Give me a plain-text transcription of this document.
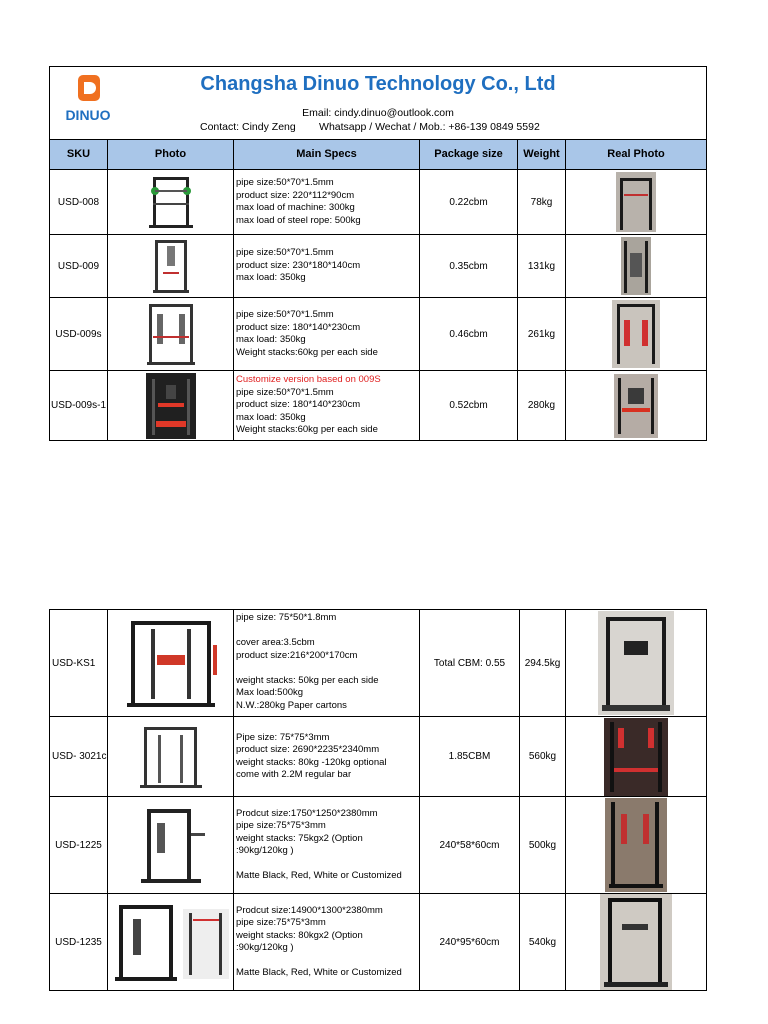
DINUO
Changsha Dinuo Technology Co., Ltd
Email: cindy.dinuo@outlook.com
Contact: Cindy Zeng        Whatsapp / Wechat / Mob.: +86-139 0849 5592
SKU	Photo	Main Specs	Package size	Weight	Real Photo
USD-008
pipe size:50*70*1.5mm
product size: 220*112*90cm
max load of machine: 300kg
max load of steel rope: 500kg
0.22cbm	78kg
USD-009
pipe size:50*70*1.5mm
product size: 230*180*140cm
max load: 350kg
0.35cbm	131kg
USD-009s
pipe size:50*70*1.5mm
product size: 180*140*230cm
max load: 350kg
Weight stacks:60kg per each side
0.46cbm	261kg
USD-009s-1
Customize version based on 009S
pipe size:50*70*1.5mm
product size: 180*140*230cm
max load: 350kg
Weight stacks:60kg per each side
0.52cbm	280kg
USD-KS1
pipe size: 75*50*1.8mm

cover area:3.5cbm
product size:216*200*170cm

weight stacks: 50kg per each side
Max load:500kg
N.W.:280kg Paper cartons
Total CBM: 0.55	294.5kg
USD- 3021c
Pipe size: 75*75*3mm
product size: 2690*2235*2340mm
weight stacks: 80kg -120kg optional
come with 2.2M regular bar
1.85CBM	560kg
USD-1225
Prodcut size:1750*1250*2380mm
pipe size:75*75*3mm
weight stacks: 75kgx2 (Option
:90kg/120kg )

Matte Black, Red, White or Customized
240*58*60cm	500kg
USD-1235
Prodcut size:14900*1300*2380mm
pipe size:75*75*3mm
weight stacks: 80kgx2 (Option
:90kg/120kg )

Matte Black, Red, White or Customized
240*95*60cm	540kg
